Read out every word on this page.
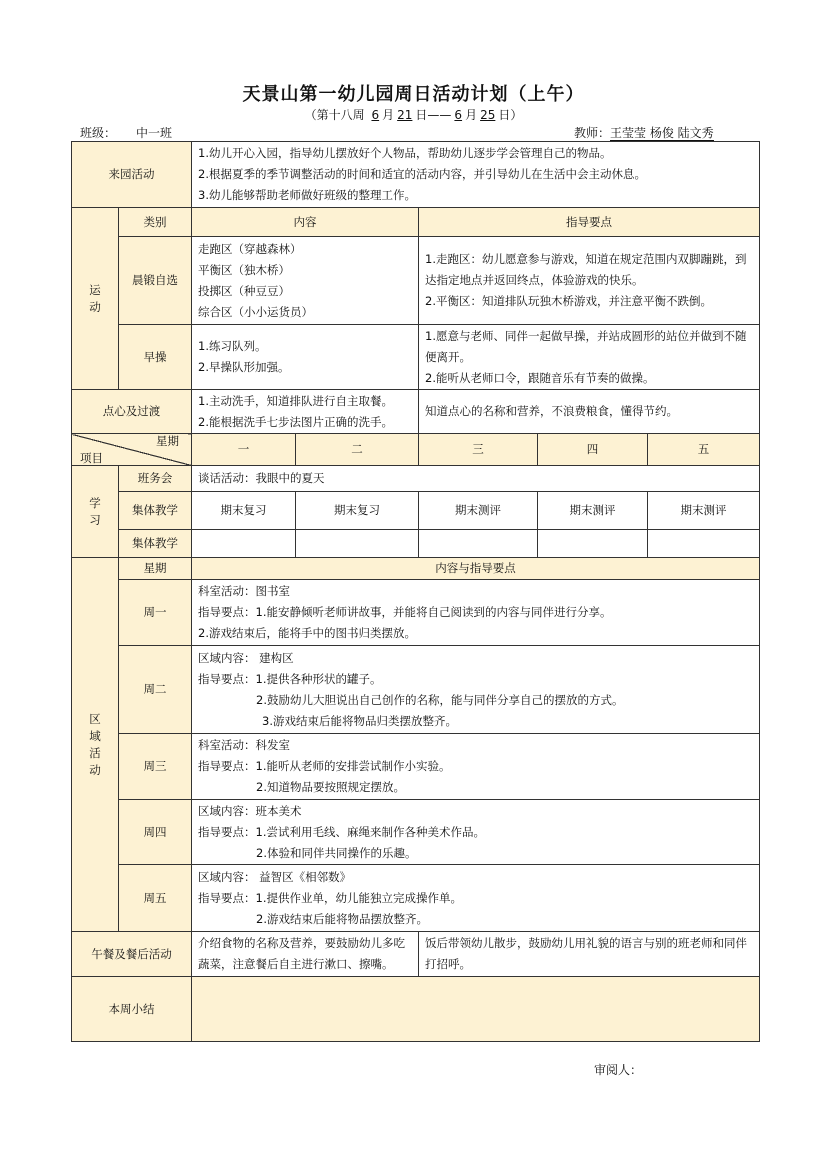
天景山第一幼儿园周日活动计划（上午）
（第十八周 6 月 21 日—— 6 月 25 日）
班级： 中一班	教师：王莹莹 杨俊 陆文秀
来园活动		1.幼儿开心入园，指导幼儿摆放好个人物品，帮助幼儿逐步学会管理自己的物品。
2.根据夏季的季节调整活动的时间和适宜的活动内容，并引导幼儿在生活中会主动休息。
3.幼儿能够帮助老师做好班级的整理工作。				

运
动	类别	内容		指导要点		
	晨锻自选	走跑区（穿越森林）
平衡区（独木桥）
投掷区（种豆豆）
综合区（小小运货员）		1.走跑区：幼儿愿意参与游戏，知道在规定范围内双脚蹦跳，到达指定地点并返回终点，体验游戏的快乐。
2.平衡区：知道排队玩独木桥游戏，并注意平衡不跌倒。		

	早操	1.练习队列。
2.早操队形加强。		1.愿意与老师、同伴一起做早操，并站成圆形的站位并做到不随便离开。
2.能听从老师口令，跟随音乐有节奏的做操。		

点心及过渡		1.主动洗手，知道排队进行自主取餐。
2.能根据洗手七步法图片正确的洗手。		知道点心的名称和营养，不浪费粮食，懂得节约。		

星期
项目		一	二	三	四	五

学
习	班务会	谈话活动：我眼中的夏天				
	集体教学	期末复习	期末复习	期末测评	期末测评	期末测评
	集体教学					

区
域
活
动	星期	内容与指导要点				
	周一	科室活动：图书室
指导要点：1.能安静倾听老师讲故事，并能将自己阅读到的内容与同伴进行分享。
2.游戏结束后，能将手中的图书归类摆放。				

	周二	区域内容： 建构区
指导要点：1.提供各种形状的罐子。
2.鼓励幼儿大胆说出自己创作的名称，能与同伴分享自己的摆放的方式。
3.游戏结束后能将物品归类摆放整齐。				

	周三	科室活动：科发室
指导要点：1.能听从老师的安排尝试制作小实验。
2.知道物品要按照规定摆放。				

	周四	区域内容：班本美术
指导要点：1.尝试利用毛线、麻绳来制作各种美术作品。
2.体验和同伴共同操作的乐趣。				

	周五	区域内容： 益智区《相邻数》
指导要点：1.提供作业单，幼儿能独立完成操作单。
2.游戏结束后能将物品摆放整齐。				

午餐及餐后活动		介绍食物的名称及营养，要鼓励幼儿多吃蔬菜，注意餐后自主进行漱口、擦嘴。		饭后带领幼儿散步，鼓励幼儿用礼貌的语言与别的班老师和同伴打招呼。		

本周小结						
审阅人：
